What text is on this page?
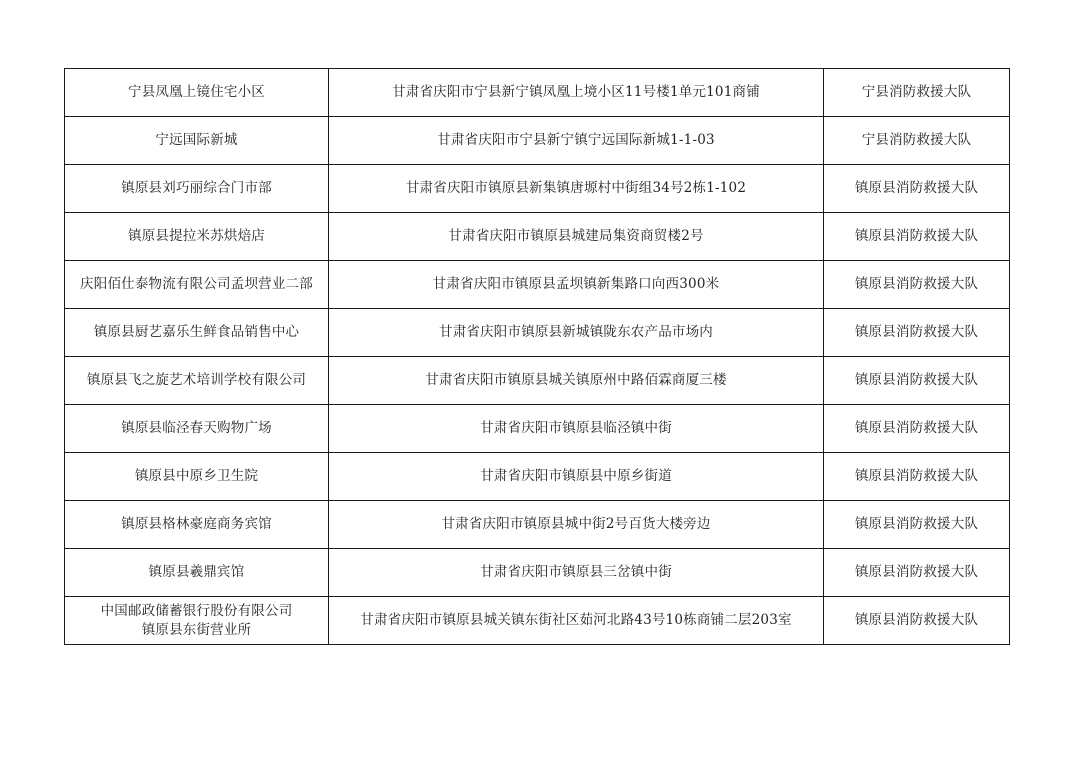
宁县凤凰上镜住宅小区	甘肃省庆阳市宁县新宁镇凤凰上境小区11号楼1单元101商铺	宁县消防救援大队
宁远国际新城	甘肃省庆阳市宁县新宁镇宁远国际新城1-1-03	宁县消防救援大队
镇原县刘巧丽综合门市部	甘肃省庆阳市镇原县新集镇唐塬村中街组34号2栋1-102	镇原县消防救援大队
镇原县提拉米苏烘焙店	甘肃省庆阳市镇原县城建局集资商贸楼2号	镇原县消防救援大队
庆阳佰仕泰物流有限公司孟坝营业二部	甘肃省庆阳市镇原县孟坝镇新集路口向西300米	镇原县消防救援大队
镇原县厨艺嘉乐生鲜食品销售中心	甘肃省庆阳市镇原县新城镇陇东农产品市场内	镇原县消防救援大队
镇原县飞之旋艺术培训学校有限公司	甘肃省庆阳市镇原县城关镇原州中路佰霖商厦三楼	镇原县消防救援大队
镇原县临泾春天购物广场	甘肃省庆阳市镇原县临泾镇中街	镇原县消防救援大队
镇原县中原乡卫生院	甘肃省庆阳市镇原县中原乡街道	镇原县消防救援大队
镇原县格林豪庭商务宾馆	甘肃省庆阳市镇原县城中街2号百货大楼旁边	镇原县消防救援大队
镇原县羲鼎宾馆	甘肃省庆阳市镇原县三岔镇中街	镇原县消防救援大队
中国邮政储蓄银行股份有限公司
镇原县东街营业所	甘肃省庆阳市镇原县城关镇东街社区茹河北路43号10栋商铺二层203室	镇原县消防救援大队
